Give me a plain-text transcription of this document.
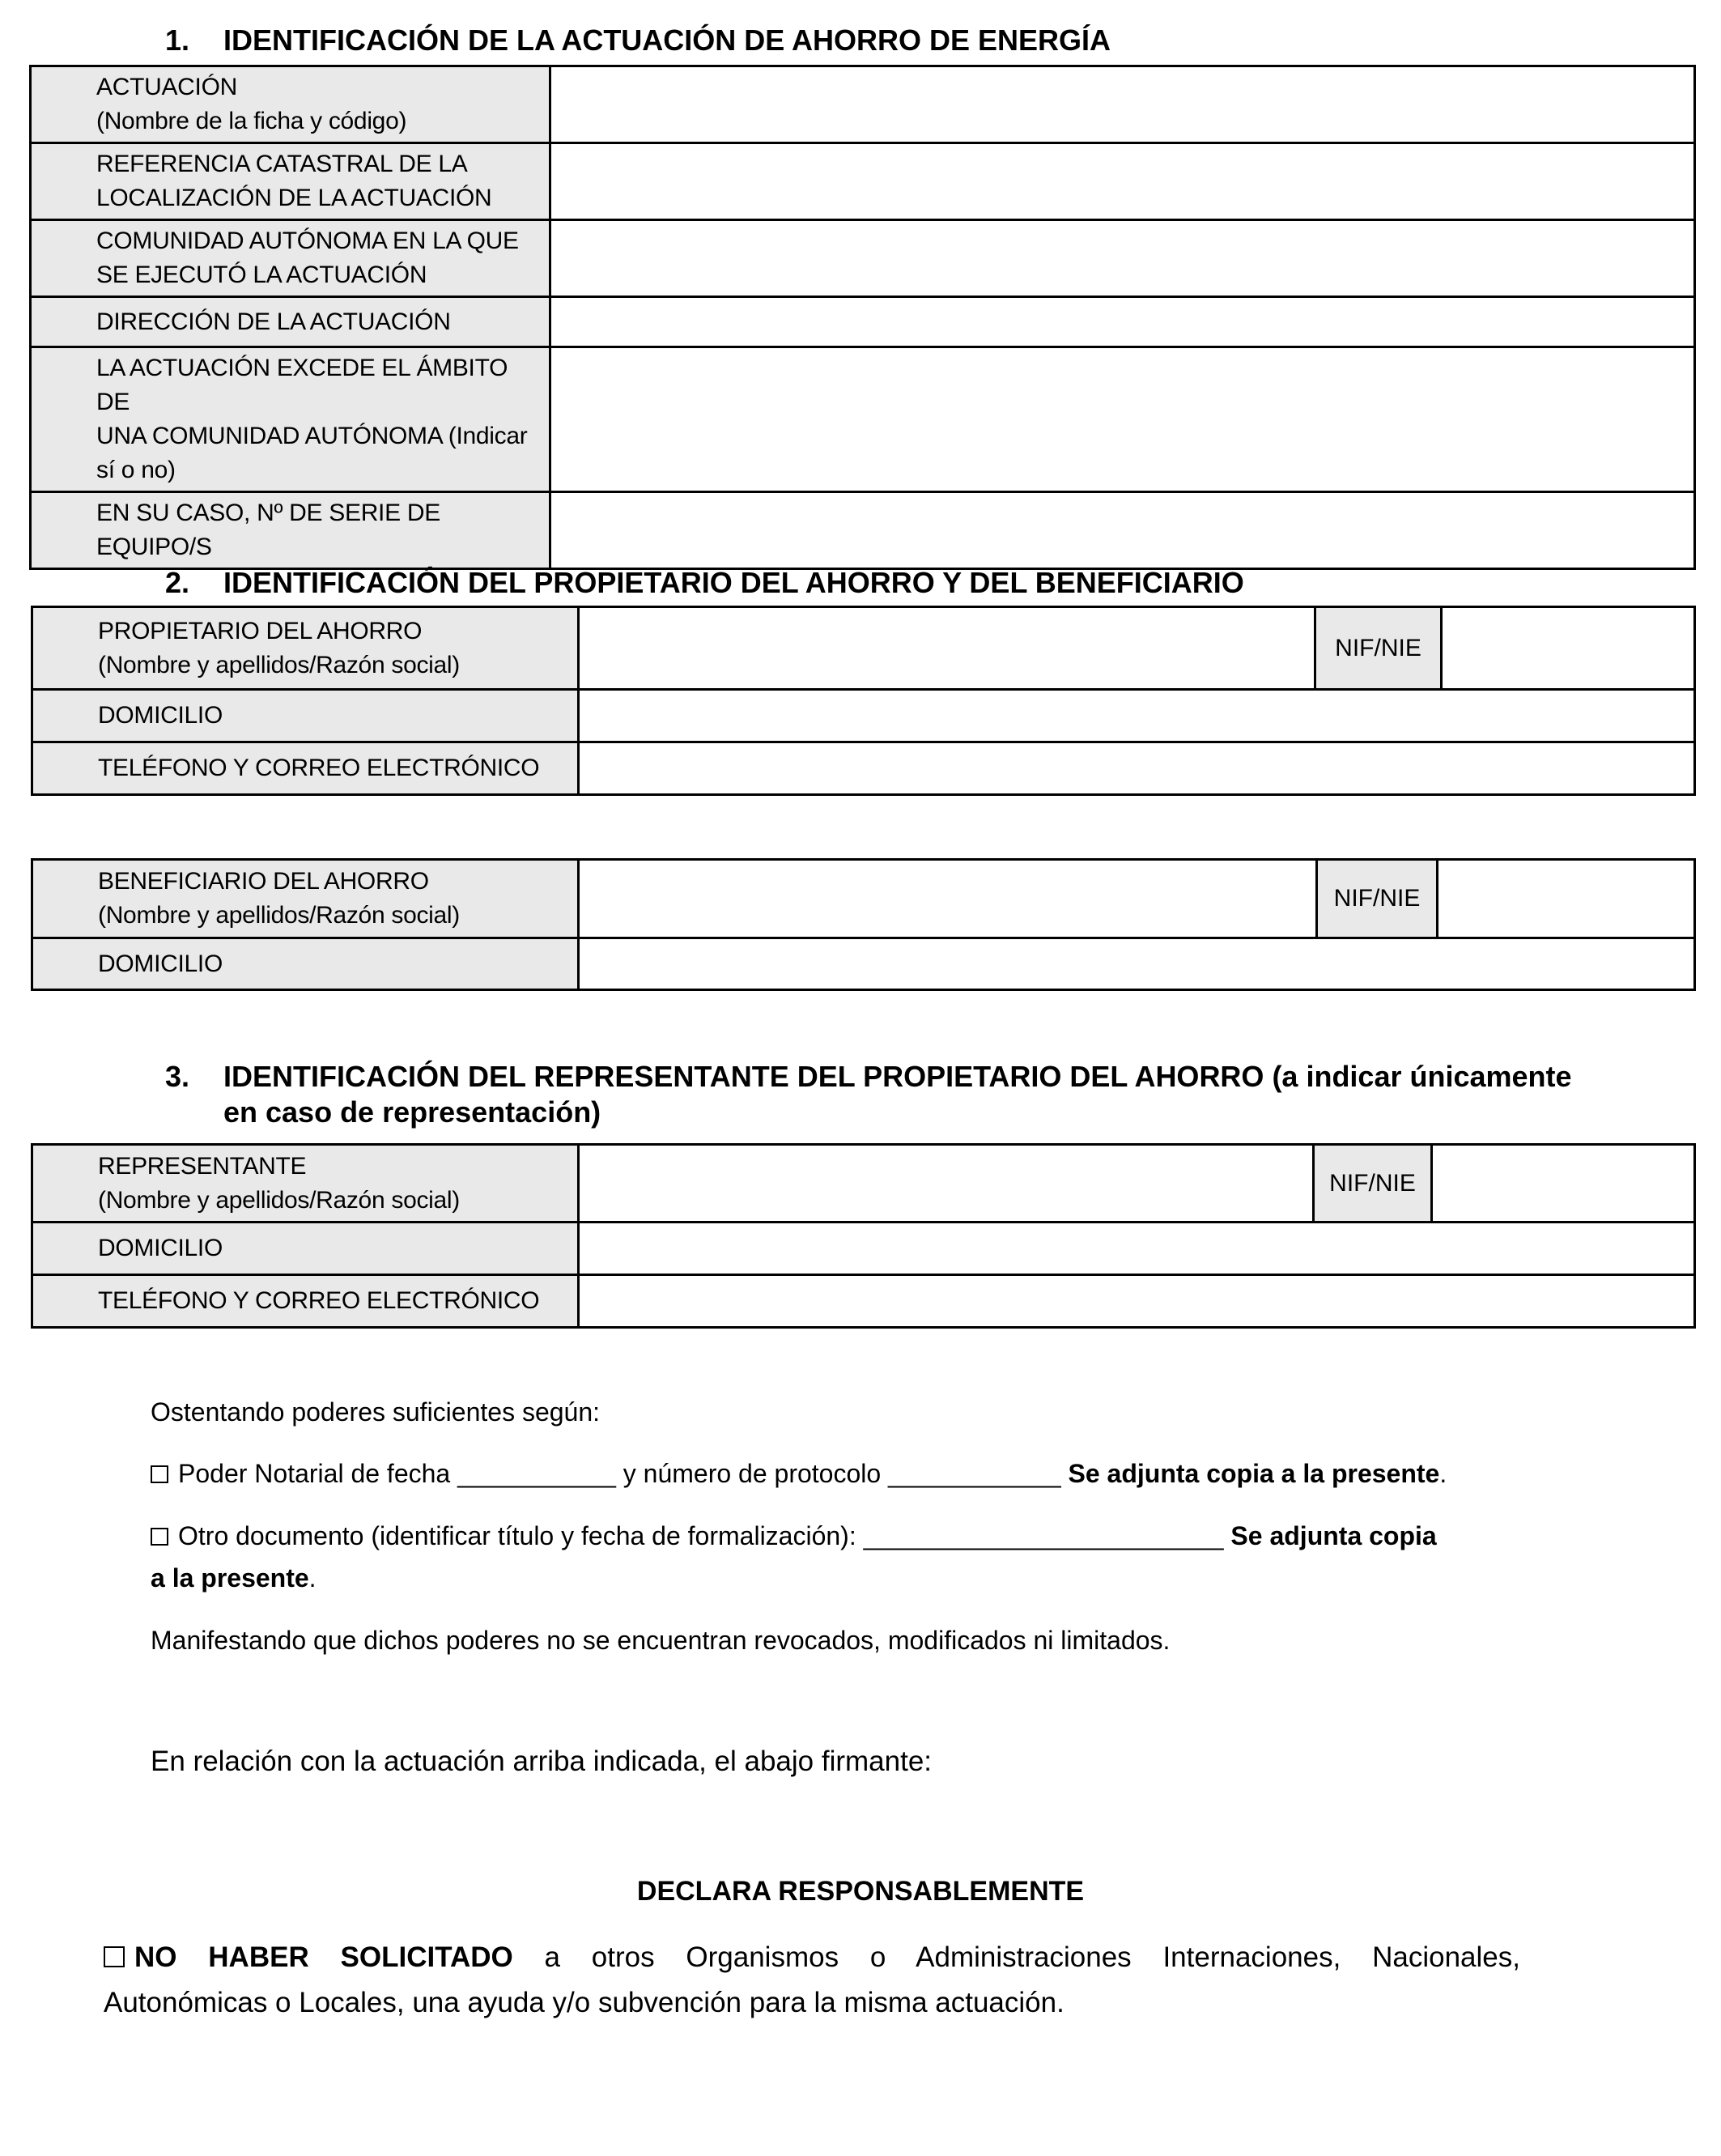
1. IDENTIFICACIÓN DE LA ACTUACIÓN DE AHORRO DE ENERGÍA
ACTUACIÓN
(Nombre de la ficha y código)	

REFERENCIA CATASTRAL DE LA
LOCALIZACIÓN DE LA ACTUACIÓN	

COMUNIDAD AUTÓNOMA EN LA QUE
SE EJECUTÓ LA ACTUACIÓN	

DIRECCIÓN DE LA ACTUACIÓN	

LA ACTUACIÓN EXCEDE EL ÁMBITO DE
UNA COMUNIDAD AUTÓNOMA (Indicar
sí o no)	

EN SU CASO, Nº DE SERIE DE EQUIPO/S	

2. IDENTIFICACIÓN DEL PROPIETARIO DEL AHORRO Y DEL BENEFICIARIO
PROPIETARIO DEL AHORRO
(Nombre y apellidos/Razón social)		NIF/NIE	
DOMICILIO			
TELÉFONO Y CORREO ELECTRÓNICO			
BENEFICIARIO DEL AHORRO
(Nombre y apellidos/Razón social)		NIF/NIE	
DOMICILIO			
3. IDENTIFICACIÓN DEL REPRESENTANTE DEL PROPIETARIO DEL AHORRO (a indicar únicamente
en caso de representación)
REPRESENTANTE
(Nombre y apellidos/Razón social)		NIF/NIE	
DOMICILIO			
TELÉFONO Y CORREO ELECTRÓNICO			
Ostentando poderes suficientes según:
Poder Notarial de fecha ___________ y número de protocolo ____________ Se adjunta copia a la presente.
Otro documento (identificar título y fecha de formalización): _________________________ Se adjunta copia
a la presente.
Manifestando que dichos poderes no se encuentran revocados, modificados ni limitados.
En relación con la actuación arriba indicada, el abajo firmante:
DECLARA RESPONSABLEMENTE
NO HABER SOLICITADO a otros Organismos o Administraciones Internaciones, Nacionales,
Autonómicas o Locales, una ayuda y/o subvención para la misma actuación.
